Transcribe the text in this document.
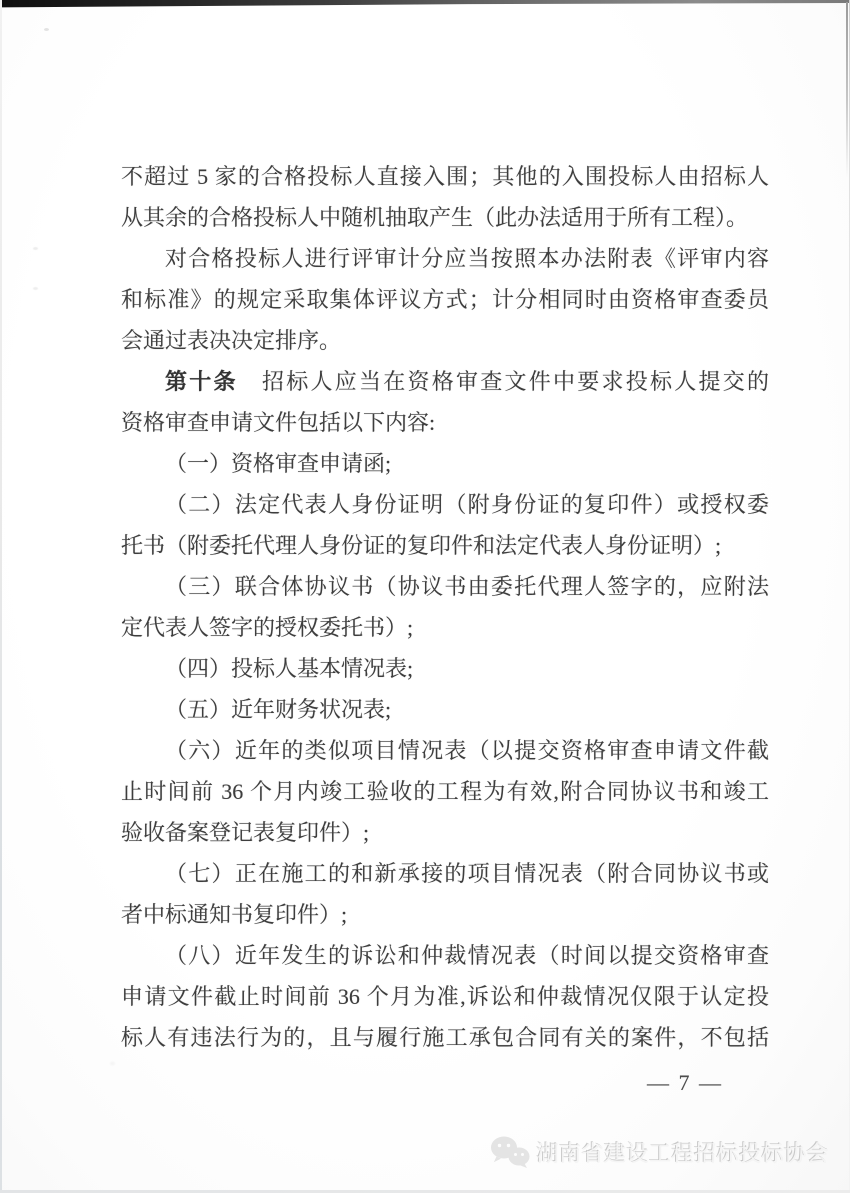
不超过 5 家的合格投标人直接入围；其他的入围投标人由招标人
从其余的合格投标人中随机抽取产生（此办法适用于所有工程）。
对合格投标人进行评审计分应当按照本办法附表《评审内容
和标准》的规定采取集体评议方式；计分相同时由资格审查委员
会通过表决决定排序。
第十条　招标人应当在资格审查文件中要求投标人提交的
资格审查申请文件包括以下内容:
（一）资格审查申请函;
（二）法定代表人身份证明（附身份证的复印件）或授权委
托书（附委托代理人身份证的复印件和法定代表人身份证明）;
（三）联合体协议书（协议书由委托代理人签字的，应附法
定代表人签字的授权委托书）;
（四）投标人基本情况表;
（五）近年财务状况表;
（六）近年的类似项目情况表（以提交资格审查申请文件截
止时间前 36 个月内竣工验收的工程为有效,附合同协议书和竣工
验收备案登记表复印件）;
（七）正在施工的和新承接的项目情况表（附合同协议书或
者中标通知书复印件）;
（八）近年发生的诉讼和仲裁情况表（时间以提交资格审查
申请文件截止时间前 36 个月为准,诉讼和仲裁情况仅限于认定投
标人有违法行为的，且与履行施工承包合同有关的案件，不包括
— 7 —
湖南省建设工程招标投标协会
